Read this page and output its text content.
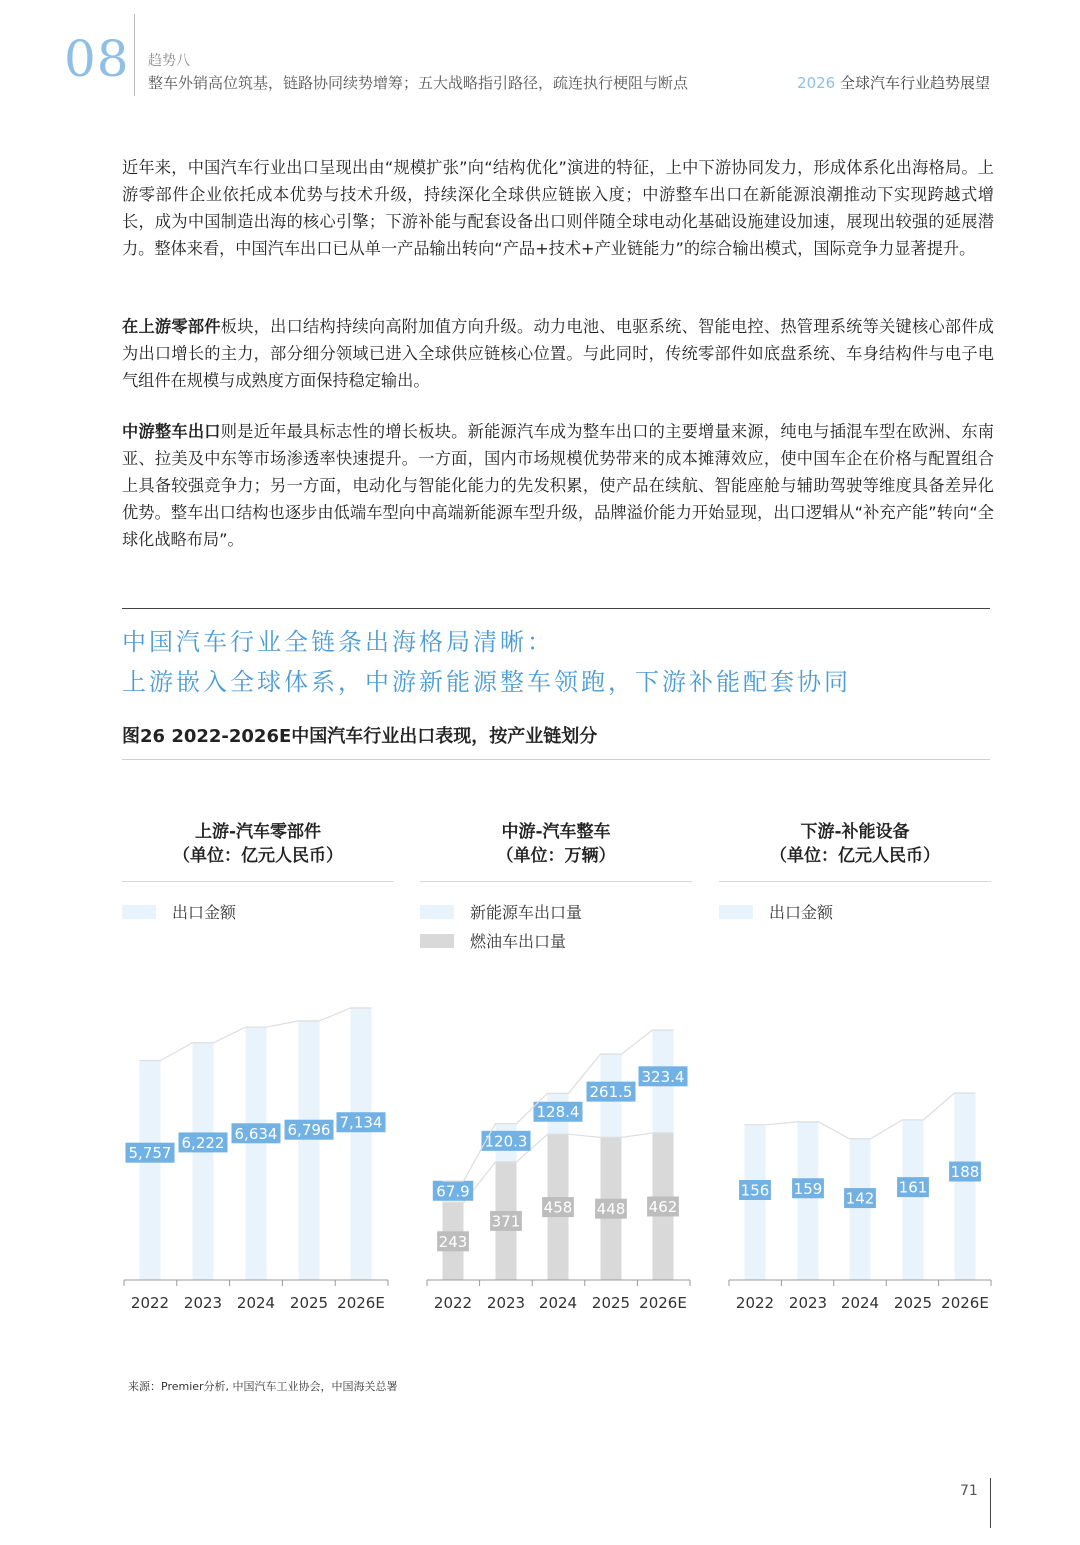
08 趋势八
整车外销高位筑基，链路协同续势增筹；五大战略指引路径，疏连执行梗阻与断点	2026 全球汽车行业趋势展望

近年来，中国汽车行业出口呈现出由“规模扩张”向“结构优化”演进的特征，上中下游协同发力，形成体系化出海格局。上游零部件企业依托成本优势与技术升级，持续深化全球供应链嵌入度；中游整车出口在新能源浪潮推动下实现跨越式增长，成为中国制造出海的核心引擎；下游补能与配套设备出口则伴随全球电动化基础设施建设加速，展现出较强的延展潜力。整体来看，中国汽车出口已从单一产品输出转向“产品+技术+产业链能力”的综合输出模式，国际竞争力显著提升。

在上游零部件板块，出口结构持续向高附加值方向升级。动力电池、电驱系统、智能电控、热管理系统等关键核心部件成为出口增长的主力，部分细分领域已进入全球供应链核心位置。与此同时，传统零部件如底盘系统、车身结构件与电子电气组件在规模与成熟度方面保持稳定输出。

中游整车出口则是近年最具标志性的增长板块。新能源汽车成为整车出口的主要增量来源，纯电与插混车型在欧洲、东南亚、拉美及中东等市场渗透率快速提升。一方面，国内市场规模优势带来的成本摊薄效应，使中国车企在价格与配置组合上具备较强竞争力；另一方面，电动化与智能化能力的先发积累，使产品在续航、智能座舱与辅助驾驶等维度具备差异化优势。整车出口结构也逐步由低端车型向中高端新能源车型升级，品牌溢价能力开始显现，出口逻辑从“补充产能”转向“全球化战略布局”。

中国汽车行业全链条出海格局清晰：
上游嵌入全球体系，中游新能源整车领跑，下游补能配套协同
图26 2022-2026E中国汽车行业出口表现，按产业链划分
上游-汽车零部件
（单位：亿元人民币）
出口金额
中游-汽车整车
（单位：万辆）
新能源车出口量
燃油车出口量
下游-补能设备
（单位：亿元人民币）
出口金额
5,757
6,222
6,634 6,796 7,134
2022 2023 2024 2025 2026E
243
371
458 448 462
67.9
120.3
128.4
261.5
323.4
2022 2023 2024 2025 2026E
156 159
142
161
188
2022 2023 2024 2025 2026E
来源：Premier分析, 中国汽车工业协会，中国海关总署
71
